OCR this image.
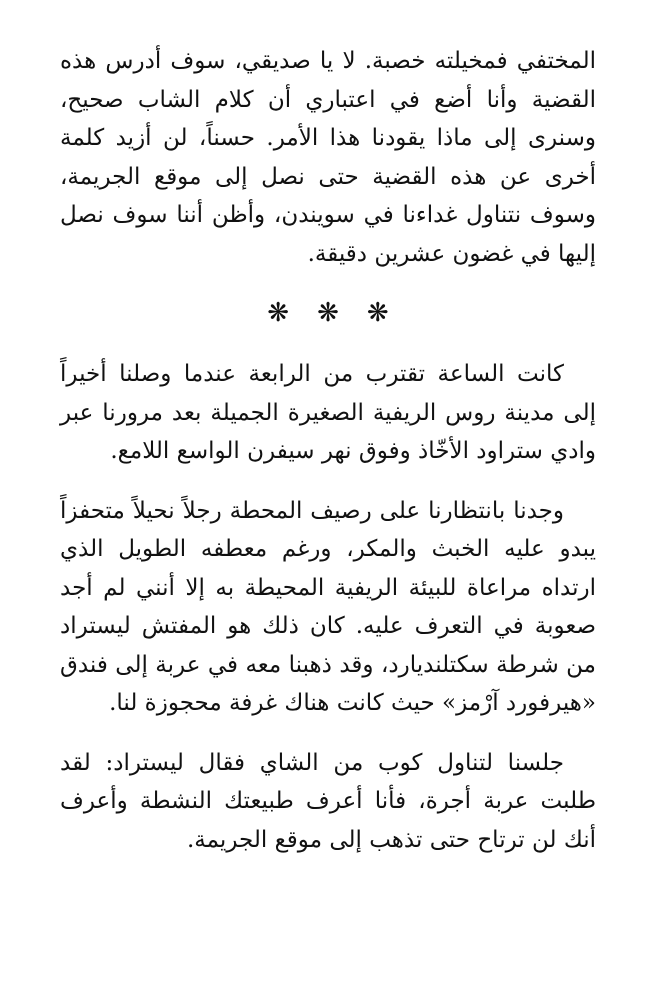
المختفي فمخيلته خصبة. لا يا صديقي، سوف أدرس هذه القضية وأنا أضع في اعتباري أن كلام الشاب صحيح، وسنرى إلى ماذا يقودنا هذا الأمر. حسناً، لن أزيد كلمة أخرى عن هذه القضية حتى نصل إلى موقع الجريمة، وسوف نتناول غداءنا في سويندن، وأظن أننا سوف نصل إليها في غضون عشرين دقيقة.

❋ ❋ ❋

كانت الساعة تقترب من الرابعة عندما وصلنا أخيراً إلى مدينة روس الريفية الصغيرة الجميلة بعد مرورنا عبر وادي ستراود الأخّاذ وفوق نهر سيفرن الواسع اللامع.

وجدنا بانتظارنا على رصيف المحطة رجلاً نحيلاً متحفزاً يبدو عليه الخبث والمكر، ورغم معطفه الطويل الذي ارتداه مراعاة للبيئة الريفية المحيطة به إلا أنني لم أجد صعوبة في التعرف عليه. كان ذلك هو المفتش ليستراد من شرطة سكتلنديارد، وقد ذهبنا معه في عربة إلى فندق «هيرفورد آرْمز» حيث كانت هناك غرفة محجوزة لنا.

جلسنا لتناول كوب من الشاي فقال ليستراد: لقد طلبت عربة أجرة، فأنا أعرف طبيعتك النشطة وأعرف أنك لن ترتاح حتى تذهب إلى موقع الجريمة.
